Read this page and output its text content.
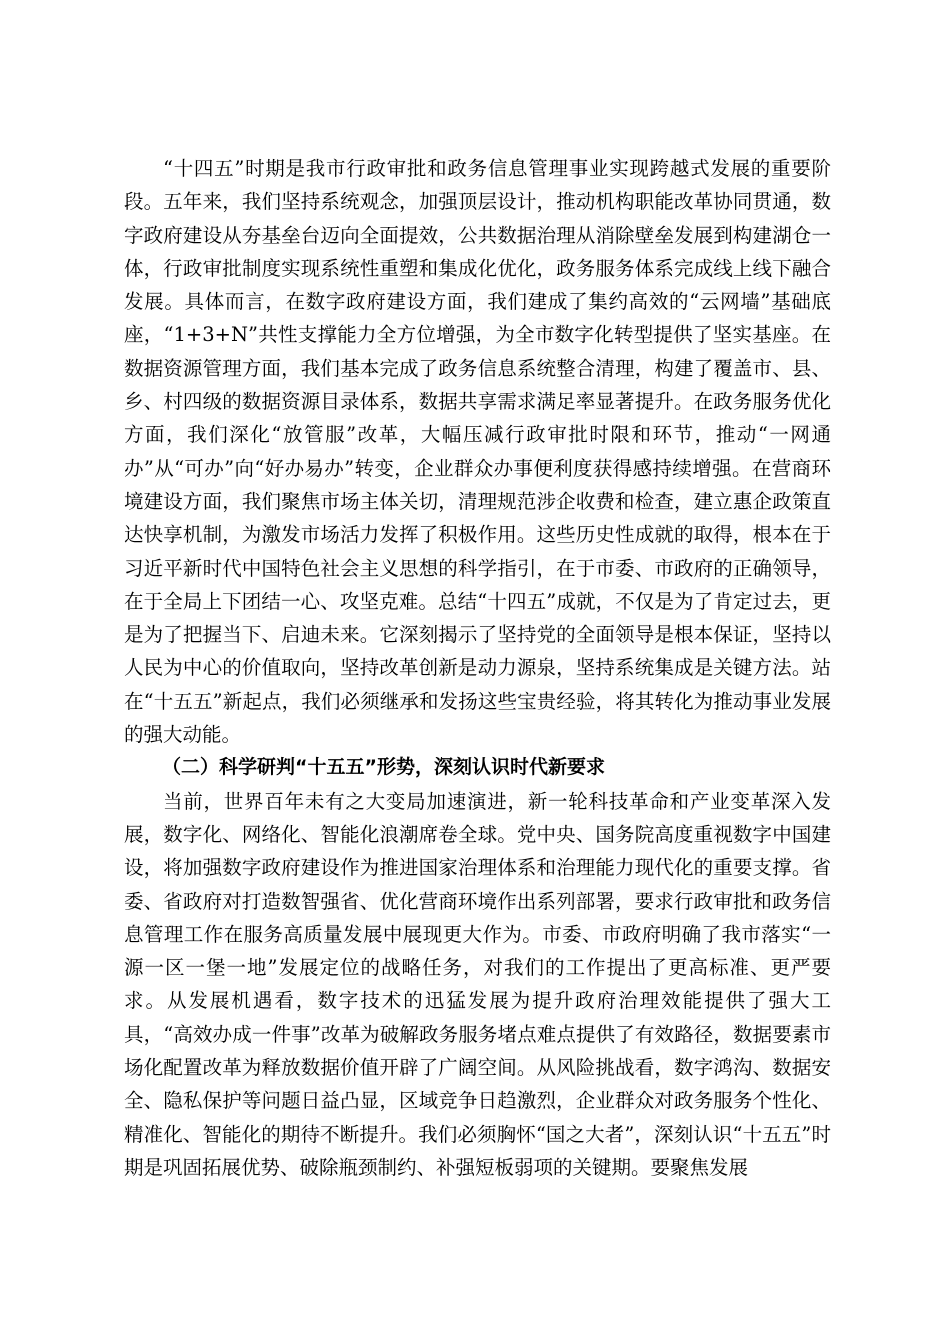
“十四五”时期是我市行政审批和政务信息管理事业实现跨越式发展的重要阶段。五年来，我们坚持系统观念，加强顶层设计，推动机构职能改革协同贯通，数字政府建设从夯基垒台迈向全面提效，公共数据治理从消除壁垒发展到构建湖仓一体，行政审批制度实现系统性重塑和集成化优化，政务服务体系完成线上线下融合发展。具体而言，在数字政府建设方面，我们建成了集约高效的“云网墙”基础底座，“1+3+N”共性支撑能力全方位增强，为全市数字化转型提供了坚实基座。在数据资源管理方面，我们基本完成了政务信息系统整合清理，构建了覆盖市、县、乡、村四级的数据资源目录体系，数据共享需求满足率显著提升。在政务服务优化方面，我们深化“放管服”改革，大幅压减行政审批时限和环节，推动“一网通办”从“可办”向“好办易办”转变，企业群众办事便利度获得感持续增强。在营商环境建设方面，我们聚焦市场主体关切，清理规范涉企收费和检查，建立惠企政策直达快享机制，为激发市场活力发挥了积极作用。这些历史性成就的取得，根本在于习近平新时代中国特色社会主义思想的科学指引，在于市委、市政府的正确领导，在于全局上下团结一心、攻坚克难。总结“十四五”成就，不仅是为了肯定过去，更是为了把握当下、启迪未来。它深刻揭示了坚持党的全面领导是根本保证，坚持以人民为中心的价值取向，坚持改革创新是动力源泉，坚持系统集成是关键方法。站在“十五五”新起点，我们必须继承和发扬这些宝贵经验，将其转化为推动事业发展的强大动能。

（二）科学研判“十五五”形势，深刻认识时代新要求

当前，世界百年未有之大变局加速演进，新一轮科技革命和产业变革深入发展，数字化、网络化、智能化浪潮席卷全球。党中央、国务院高度重视数字中国建设，将加强数字政府建设作为推进国家治理体系和治理能力现代化的重要支撑。省委、省政府对打造数智强省、优化营商环境作出系列部署，要求行政审批和政务信息管理工作在服务高质量发展中展现更大作为。市委、市政府明确了我市落实“一源一区一堡一地”发展定位的战略任务，对我们的工作提出了更高标准、更严要求。从发展机遇看，数字技术的迅猛发展为提升政府治理效能提供了强大工具，“高效办成一件事”改革为破解政务服务堵点难点提供了有效路径，数据要素市场化配置改革为释放数据价值开辟了广阔空间。从风险挑战看，数字鸿沟、数据安全、隐私保护等问题日益凸显，区域竞争日趋激烈，企业群众对政务服务个性化、精准化、智能化的期待不断提升。我们必须胸怀“国之大者”，深刻认识“十五五”时期是巩固拓展优势、破除瓶颈制约、补强短板弱项的关键期。要聚焦发展
